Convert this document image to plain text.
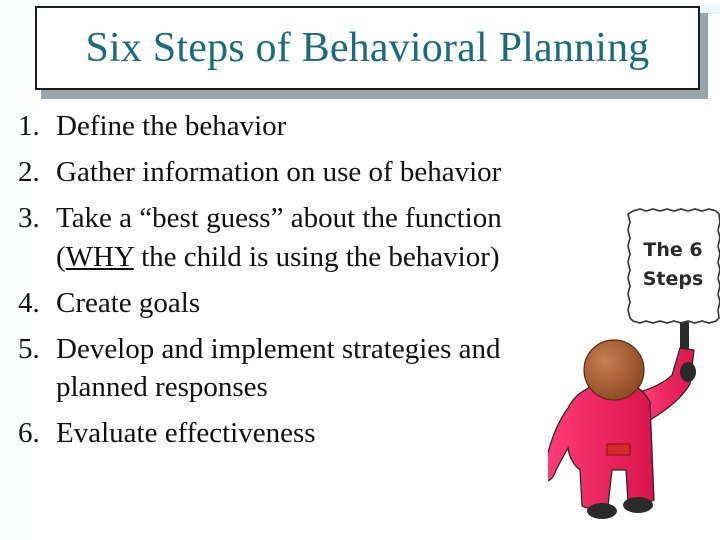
Six Steps of Behavioral Planning
1. Define the behavior
2. Gather information on use of behavior
3. Take a “best guess” about the function (WHY the child is using the behavior)
4. Create goals
5. Develop and implement strategies and planned responses
6. Evaluate effectiveness
The 6
Steps
